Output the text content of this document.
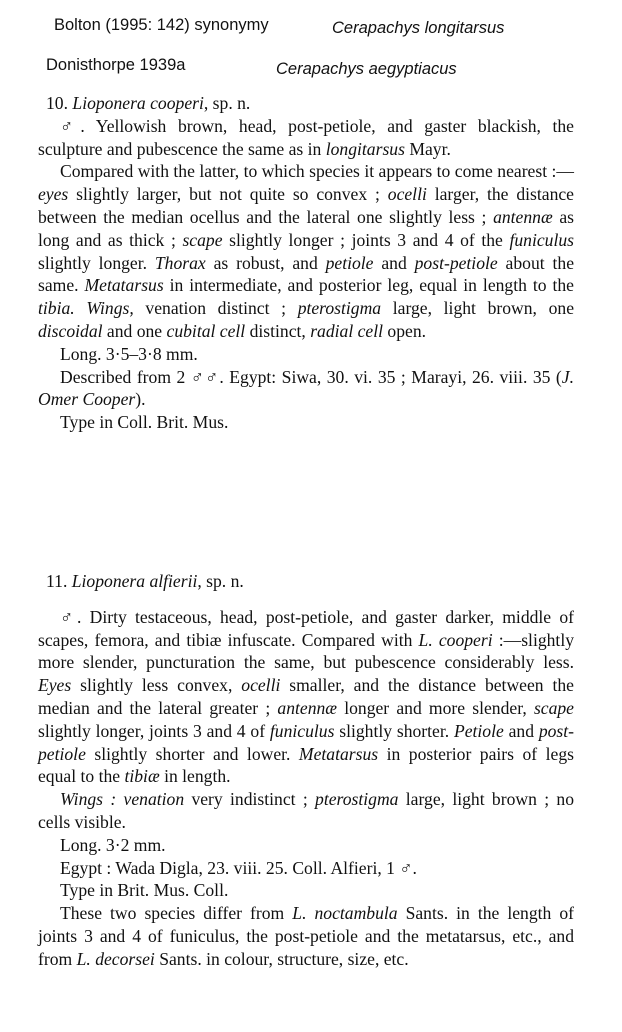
Bolton (1995: 142) synonymy	Cerapachys longitarsus
Donisthorpe 1939a	Cerapachys aegyptiacus

10. Lioponera cooperi, sp. n.

♂. Yellowish brown, head, post-petiole, and gaster blackish, the sculpture and pubescence the same as in longitarsus Mayr.

Compared with the latter, to which species it appears to come nearest :—eyes slightly larger, but not quite so convex ; ocelli larger, the distance between the median ocellus and the lateral one slightly less ; antennæ as long and as thick ; scape slightly longer ; joints 3 and 4 of the funiculus slightly longer. Thorax as robust, and petiole and post-petiole about the same. Metatarsus in intermediate, and posterior leg, equal in length to the tibia. Wings, venation distinct ; pterostigma large, light brown, one discoidal and one cubital cell distinct, radial cell open.

Long. 3·5–3·8 mm.

Described from 2 ♂♂. Egypt: Siwa, 30. vi. 35 ; Marayi, 26. viii. 35 (J. Omer Cooper).

Type in Coll. Brit. Mus.

11. Lioponera alfierii, sp. n.

♂. Dirty testaceous, head, post-petiole, and gaster darker, middle of scapes, femora, and tibiæ infuscate. Compared with L. cooperi :—slightly more slender, puncturation the same, but pubescence considerably less. Eyes slightly less convex, ocelli smaller, and the distance between the median and the lateral greater ; antennæ longer and more slender, scape slightly longer, joints 3 and 4 of funiculus slightly shorter. Petiole and post-petiole slightly shorter and lower. Metatarsus in posterior pairs of legs equal to the tibiæ in length.

Wings : venation very indistinct ; pterostigma large, light brown ; no cells visible.

Long. 3·2 mm.

Egypt : Wada Digla, 23. viii. 25. Coll. Alfieri, 1 ♂.

Type in Brit. Mus. Coll.

These two species differ from L. noctambula Sants. in the length of joints 3 and 4 of funiculus, the post-petiole and the metatarsus, etc., and from L. decorsei Sants. in colour, structure, size, etc.
